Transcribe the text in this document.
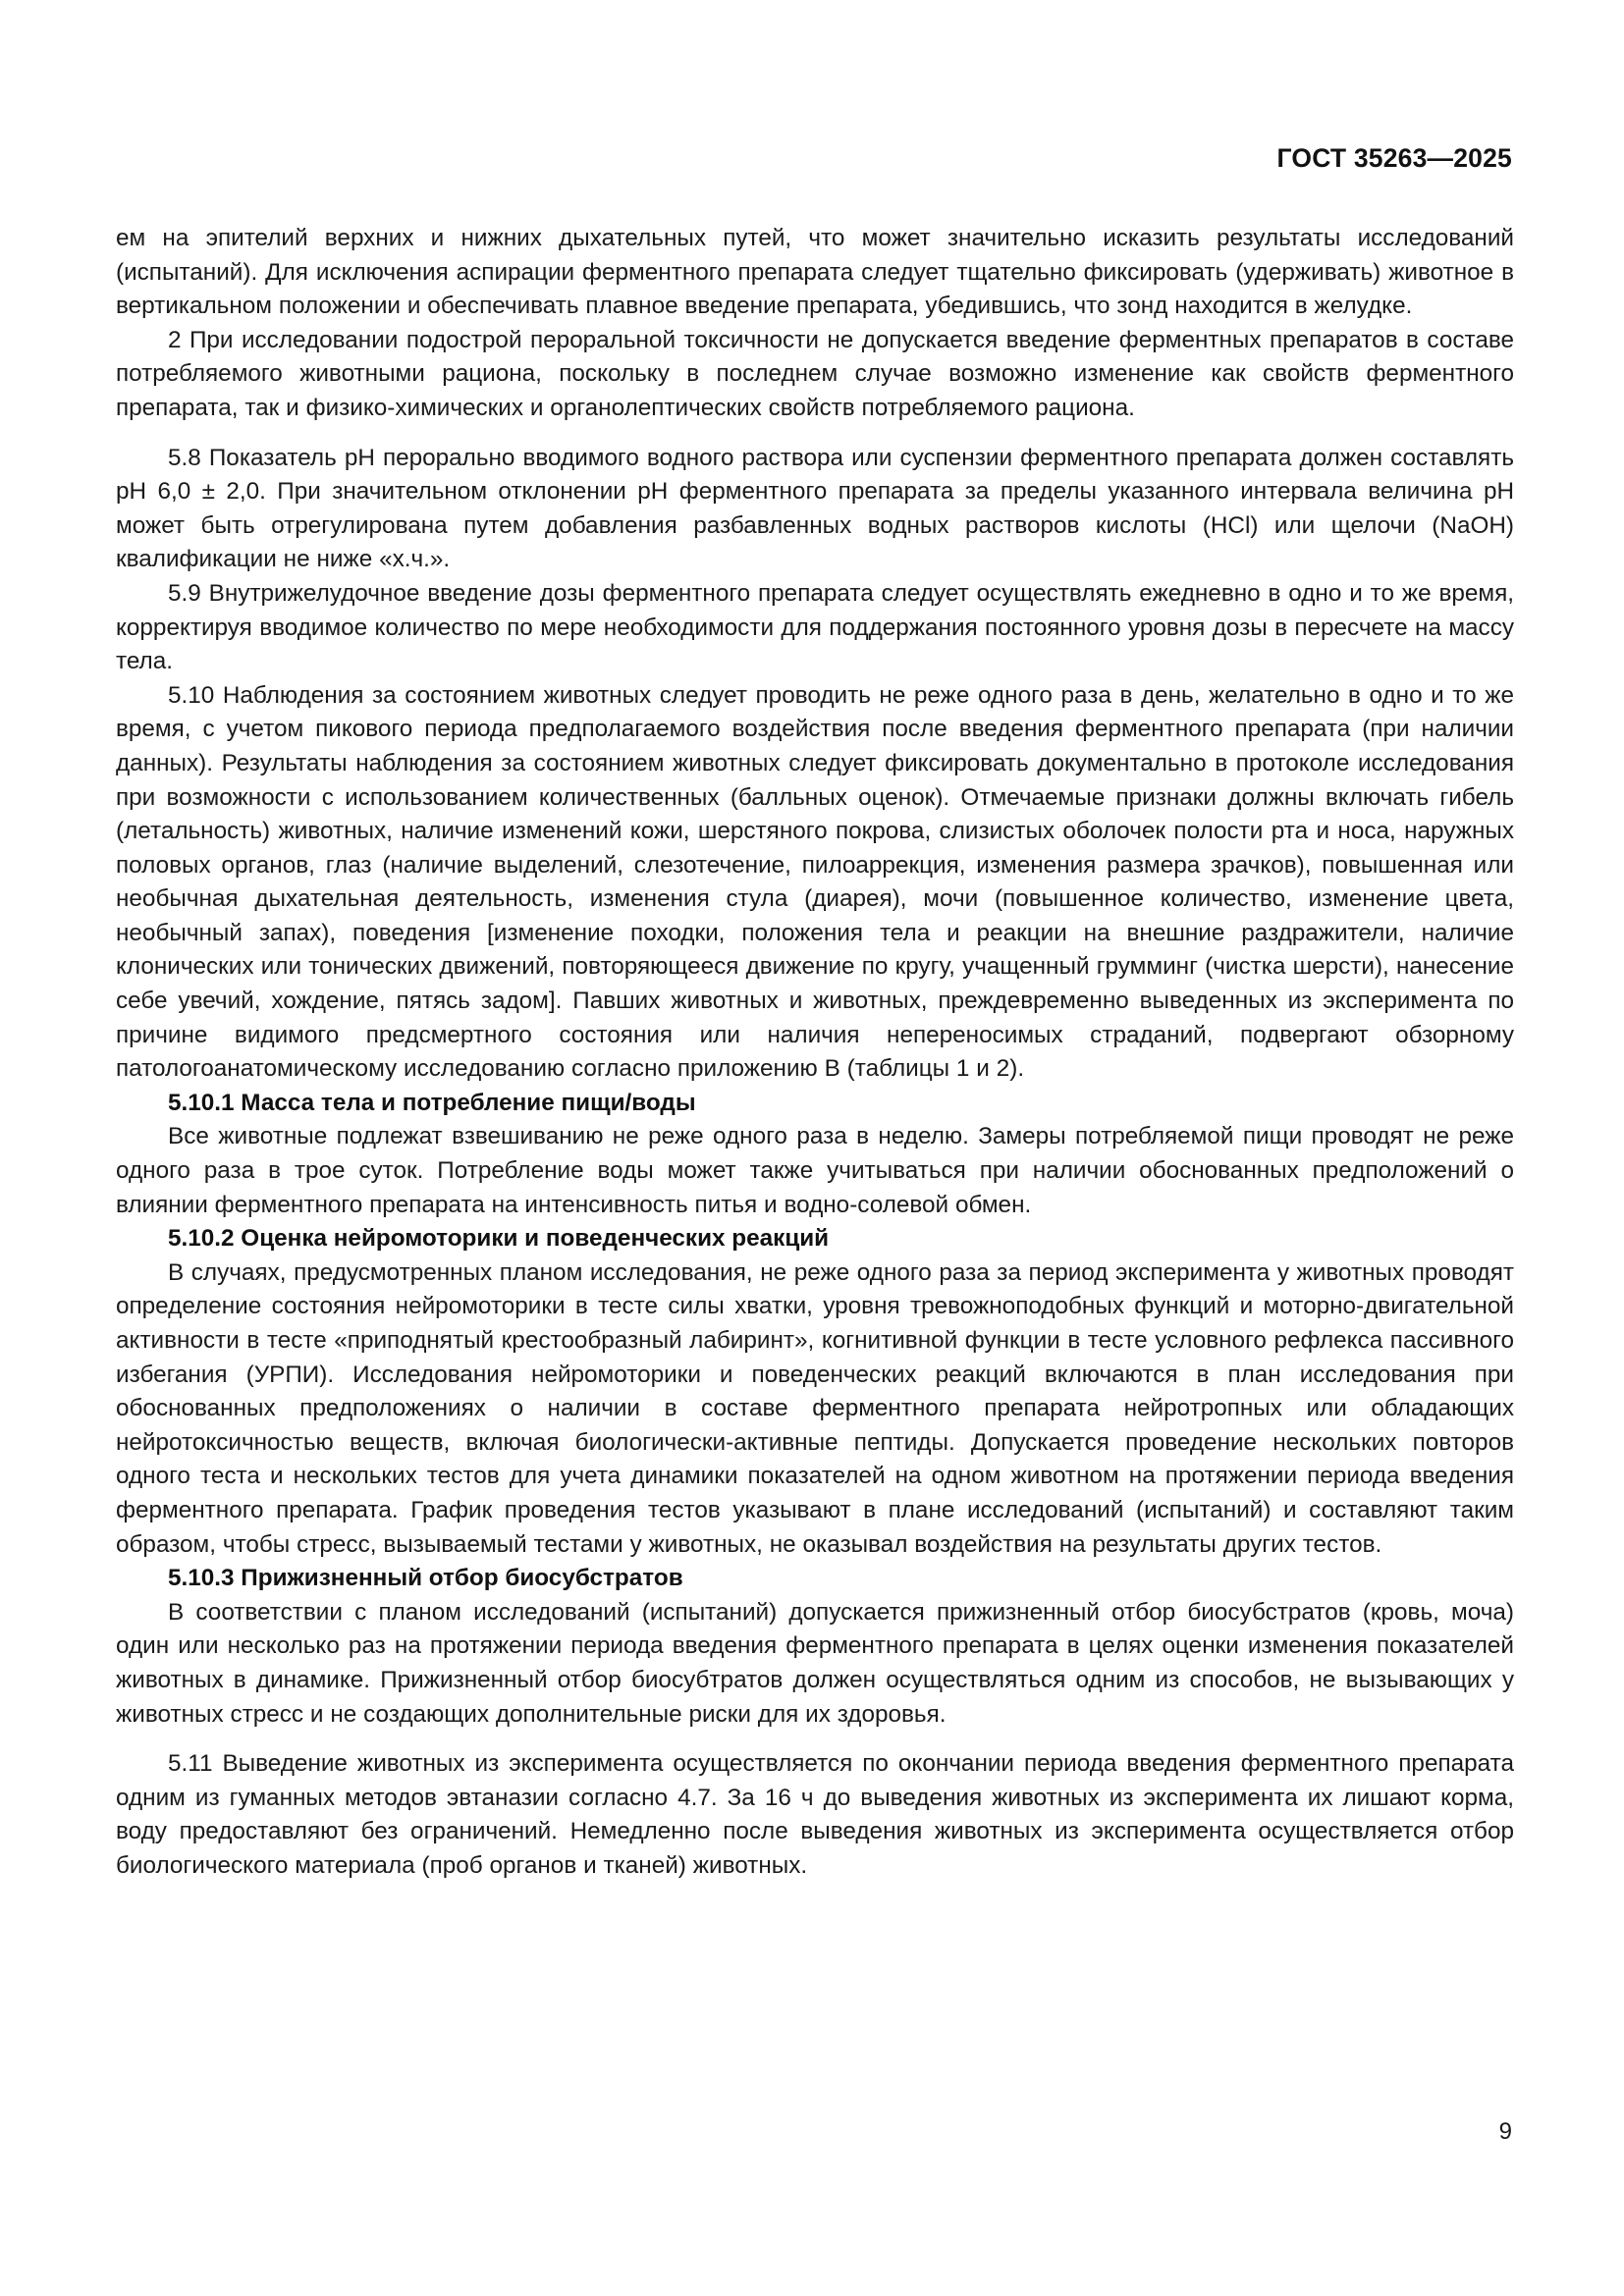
ГОСТ 35263—2025

ем на эпителий верхних и нижних дыхательных путей, что может значительно исказить результаты исследований (испытаний). Для исключения аспирации ферментного препарата следует тщательно фиксировать (удерживать) животное в вертикальном положении и обеспечивать плавное введение препарата, убедившись, что зонд находится в желудке.

2 При исследовании подострой пероральной токсичности не допускается введение ферментных препаратов в составе потребляемого животными рациона, поскольку в последнем случае возможно изменение как свойств ферментного препарата, так и физико-химических и органолептических свойств потребляемого рациона.

5.8 Показатель pH перорально вводимого водного раствора или суспензии ферментного препарата должен составлять pH 6,0 ± 2,0. При значительном отклонении pH ферментного препарата за пределы указанного интервала величина pH может быть отрегулирована путем добавления разбавленных водных растворов кислоты (HCl) или щелочи (NaOH) квалификации не ниже «х.ч.».

5.9 Внутрижелудочное введение дозы ферментного препарата следует осуществлять ежедневно в одно и то же время, корректируя вводимое количество по мере необходимости для поддержания постоянного уровня дозы в пересчете на массу тела.

5.10 Наблюдения за состоянием животных следует проводить не реже одного раза в день, желательно в одно и то же время, с учетом пикового периода предполагаемого воздействия после введения ферментного препарата (при наличии данных). Результаты наблюдения за состоянием животных следует фиксировать документально в протоколе исследования при возможности с использованием количественных (балльных оценок). Отмечаемые признаки должны включать гибель (летальность) животных, наличие изменений кожи, шерстяного покрова, слизистых оболочек полости рта и носа, наружных половых органов, глаз (наличие выделений, слезотечение, пилоаррекция, изменения размера зрачков), повышенная или необычная дыхательная деятельность, изменения стула (диарея), мочи (повышенное количество, изменение цвета, необычный запах), поведения [изменение походки, положения тела и реакции на внешние раздражители, наличие клонических или тонических движений, повторяющееся движение по кругу, учащенный грумминг (чистка шерсти), нанесение себе увечий, хождение, пятясь задом]. Павших животных и животных, преждевременно выведенных из эксперимента по причине видимого предсмертного состояния или наличия непереносимых страданий, подвергают обзорному патологоанатомическому исследованию согласно приложению В (таблицы 1 и 2).

5.10.1 Масса тела и потребление пищи/воды

Все животные подлежат взвешиванию не реже одного раза в неделю. Замеры потребляемой пищи проводят не реже одного раза в трое суток. Потребление воды может также учитываться при наличии обоснованных предположений о влиянии ферментного препарата на интенсивность питья и водно-солевой обмен.

5.10.2 Оценка нейромоторики и поведенческих реакций

В случаях, предусмотренных планом исследования, не реже одного раза за период эксперимента у животных проводят определение состояния нейромоторики в тесте силы хватки, уровня тревожноподобных функций и моторно-двигательной активности в тесте «приподнятый крестообразный лабиринт», когнитивной функции в тесте условного рефлекса пассивного избегания (УРПИ). Исследования нейромоторики и поведенческих реакций включаются в план исследования при обоснованных предположениях о наличии в составе ферментного препарата нейротропных или обладающих нейротоксичностью веществ, включая биологически-активные пептиды. Допускается проведение нескольких повторов одного теста и нескольких тестов для учета динамики показателей на одном животном на протяжении периода введения ферментного препарата. График проведения тестов указывают в плане исследований (испытаний) и составляют таким образом, чтобы стресс, вызываемый тестами у животных, не оказывал воздействия на результаты других тестов.

5.10.3 Прижизненный отбор биосубстратов

В соответствии с планом исследований (испытаний) допускается прижизненный отбор биосубстратов (кровь, моча) один или несколько раз на протяжении периода введения ферментного препарата в целях оценки изменения показателей животных в динамике. Прижизненный отбор биосубтратов должен осуществляться одним из способов, не вызывающих у животных стресс и не создающих дополнительные риски для их здоровья.

5.11 Выведение животных из эксперимента осуществляется по окончании периода введения ферментного препарата одним из гуманных методов эвтаназии согласно 4.7. За 16 ч до выведения животных из эксперимента их лишают корма, воду предоставляют без ограничений. Немедленно после выведения животных из эксперимента осуществляется отбор биологического материала (проб органов и тканей) животных.

9
